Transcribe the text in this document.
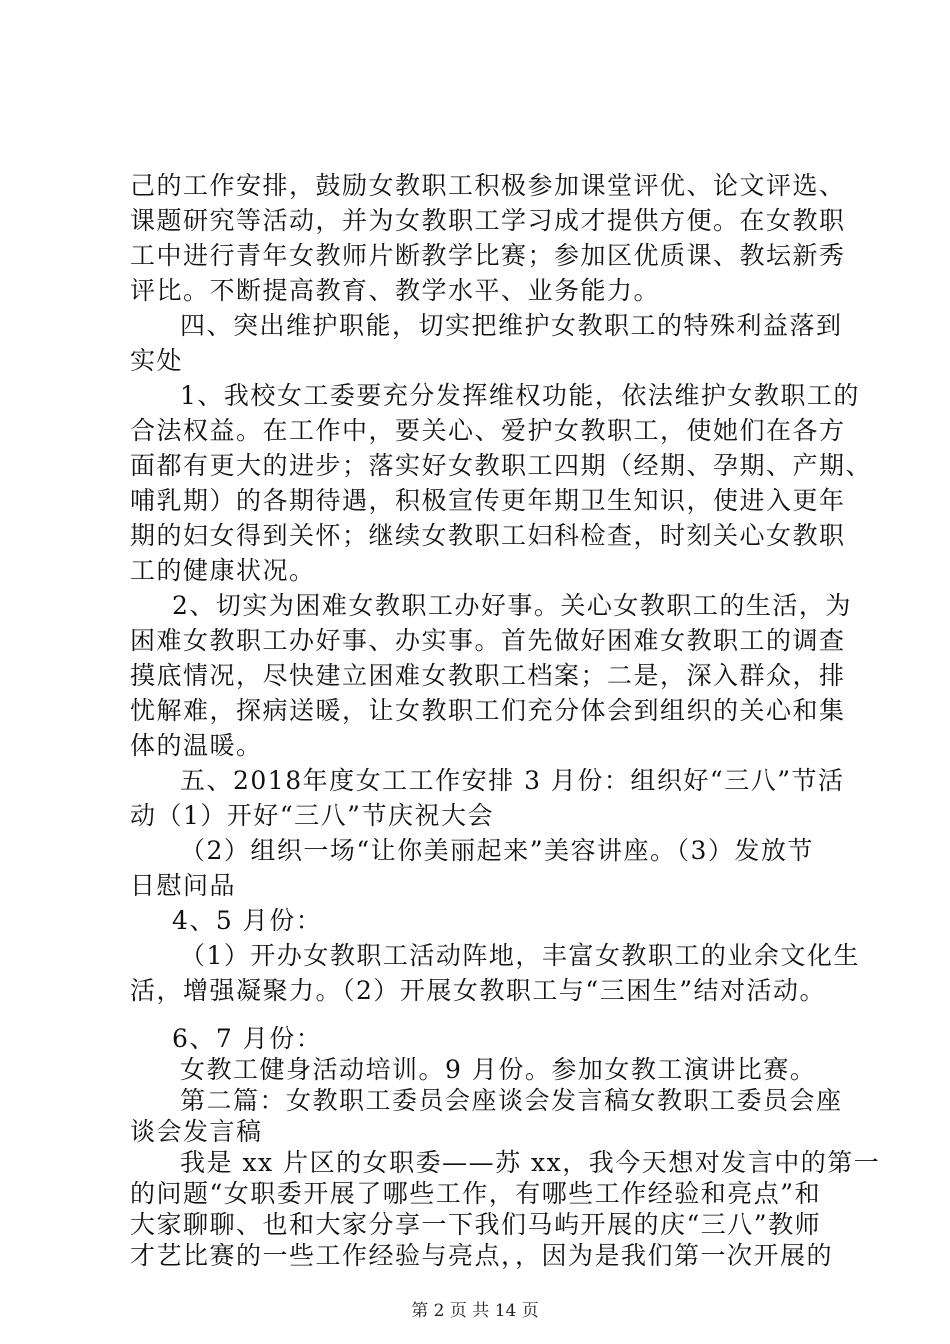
己的工作安排，鼓励女教职工积极参加课堂评优、论文评选、
课题研究等活动，并为女教职工学习成才提供方便。在女教职
工中进行青年女教师片断教学比赛；参加区优质课、教坛新秀
评比。不断提高教育、教学水平、业务能力。
四、突出维护职能，切实把维护女教职工的特殊利益落到
实处
1、我校女工委要充分发挥维权功能，依法维护女教职工的
合法权益。在工作中，要关心、爱护女教职工，使她们在各方
面都有更大的进步；落实好女教职工四期（经期、孕期、产期、
哺乳期）的各期待遇，积极宣传更年期卫生知识，使进入更年
期的妇女得到关怀；继续女教职工妇科检查，时刻关心女教职
工的健康状况。
2、切实为困难女教职工办好事。关心女教职工的生活，为
困难女教职工办好事、办实事。首先做好困难女教职工的调查
摸底情况，尽快建立困难女教职工档案；二是，深入群众，排
忧解难，探病送暖，让女教职工们充分体会到组织的关心和集
体的温暖。
五、2018年度女工工作安排 3 月份：组织好“三八”节活
动（1）开好“三八”节庆祝大会
（2）组织一场“让你美丽起来”美容讲座。（3）发放节
日慰问品
4、5 月份：
（1）开办女教职工活动阵地，丰富女教职工的业余文化生
活，增强凝聚力。（2）开展女教职工与“三困生”结对活动。
6、7 月份：
女教工健身活动培训。9 月份。参加女教工演讲比赛。
第二篇：女教职工委员会座谈会发言稿女教职工委员会座
谈会发言稿
我是 xx 片区的女职委——苏 xx，我今天想对发言中的第一
的问题“女职委开展了哪些工作，有哪些工作经验和亮点”和
大家聊聊、也和大家分享一下我们马屿开展的庆“三八”教师
才艺比赛的一些工作经验与亮点，，因为是我们第一次开展的
第 2 页 共 14 页
